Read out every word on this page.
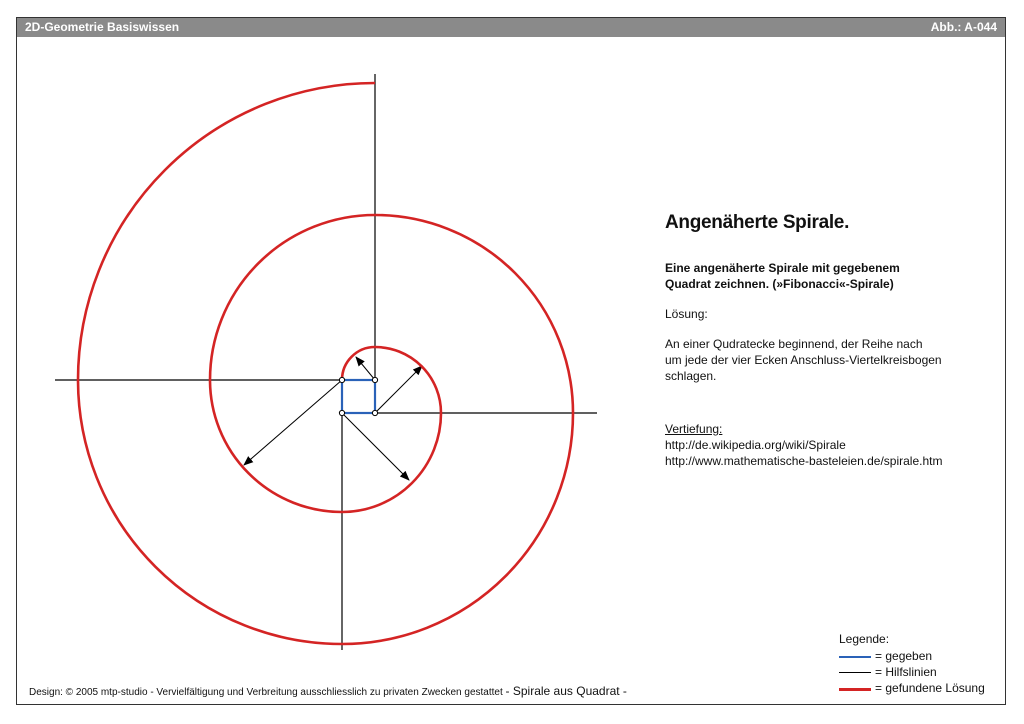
2D-Geometrie Basiswissen	Abb.: A-044
Angenäherte Spirale.
Eine angenäherte Spirale mit gegebenem
Quadrat zeichnen. (»Fibonacci«-Spirale)
Lösung:
An einer Qudratecke beginnend, der Reihe nach
um jede der vier Ecken Anschluss-Viertelkreisbogen
schlagen.
Vertiefung:
http://de.wikipedia.org/wiki/Spirale
http://www.mathematische-basteleien.de/spirale.htm
Legende:
= gegeben
= Hilfslinien
= gefundene Lösung
Design: © 2005 mtp-studio - Vervielfältigung und Verbreitung ausschliesslich zu privaten Zwecken gestattet - Spirale aus Quadrat -
